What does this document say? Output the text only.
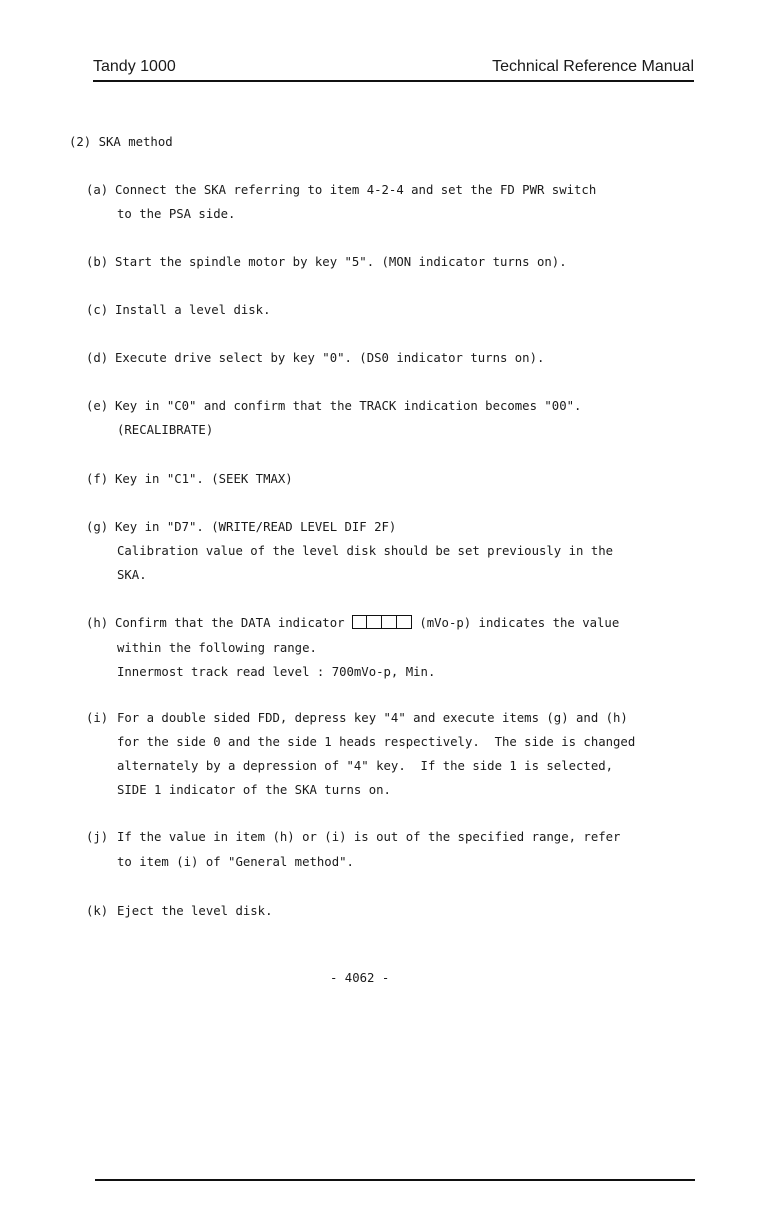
Tandy 1000	Technical Reference Manual
(2) SKA method
(a) Connect the SKA referring to item 4-2-4 and set the FD PWR switch
to the PSA side.
(b) Start the spindle motor by key "5". (MON indicator turns on).
(c) Install a level disk.
(d) Execute drive select by key "0". (DS0 indicator turns on).
(e) Key in "C0" and confirm that the TRACK indication becomes "00".
(RECALIBRATE)
(f) Key in "C1". (SEEK TMAX)
(g) Key in "D7". (WRITE/READ LEVEL DIF 2F)
Calibration value of the level disk should be set previously in the
SKA.
(h) Confirm that the DATA indicator	(mVo-p) indicates the value
within the following range.
Innermost track read level : 700mVo-p, Min.
(i) For a double sided FDD, depress key "4" and execute items (g) and (h)
for the side 0 and the side 1 heads respectively.  The side is changed
alternately by a depression of "4" key.  If the side 1 is selected,
SIDE 1 indicator of the SKA turns on.
(j) If the value in item (h) or (i) is out of the specified range, refer
to item (i) of "General method".
(k) Eject the level disk.
- 4062 -
